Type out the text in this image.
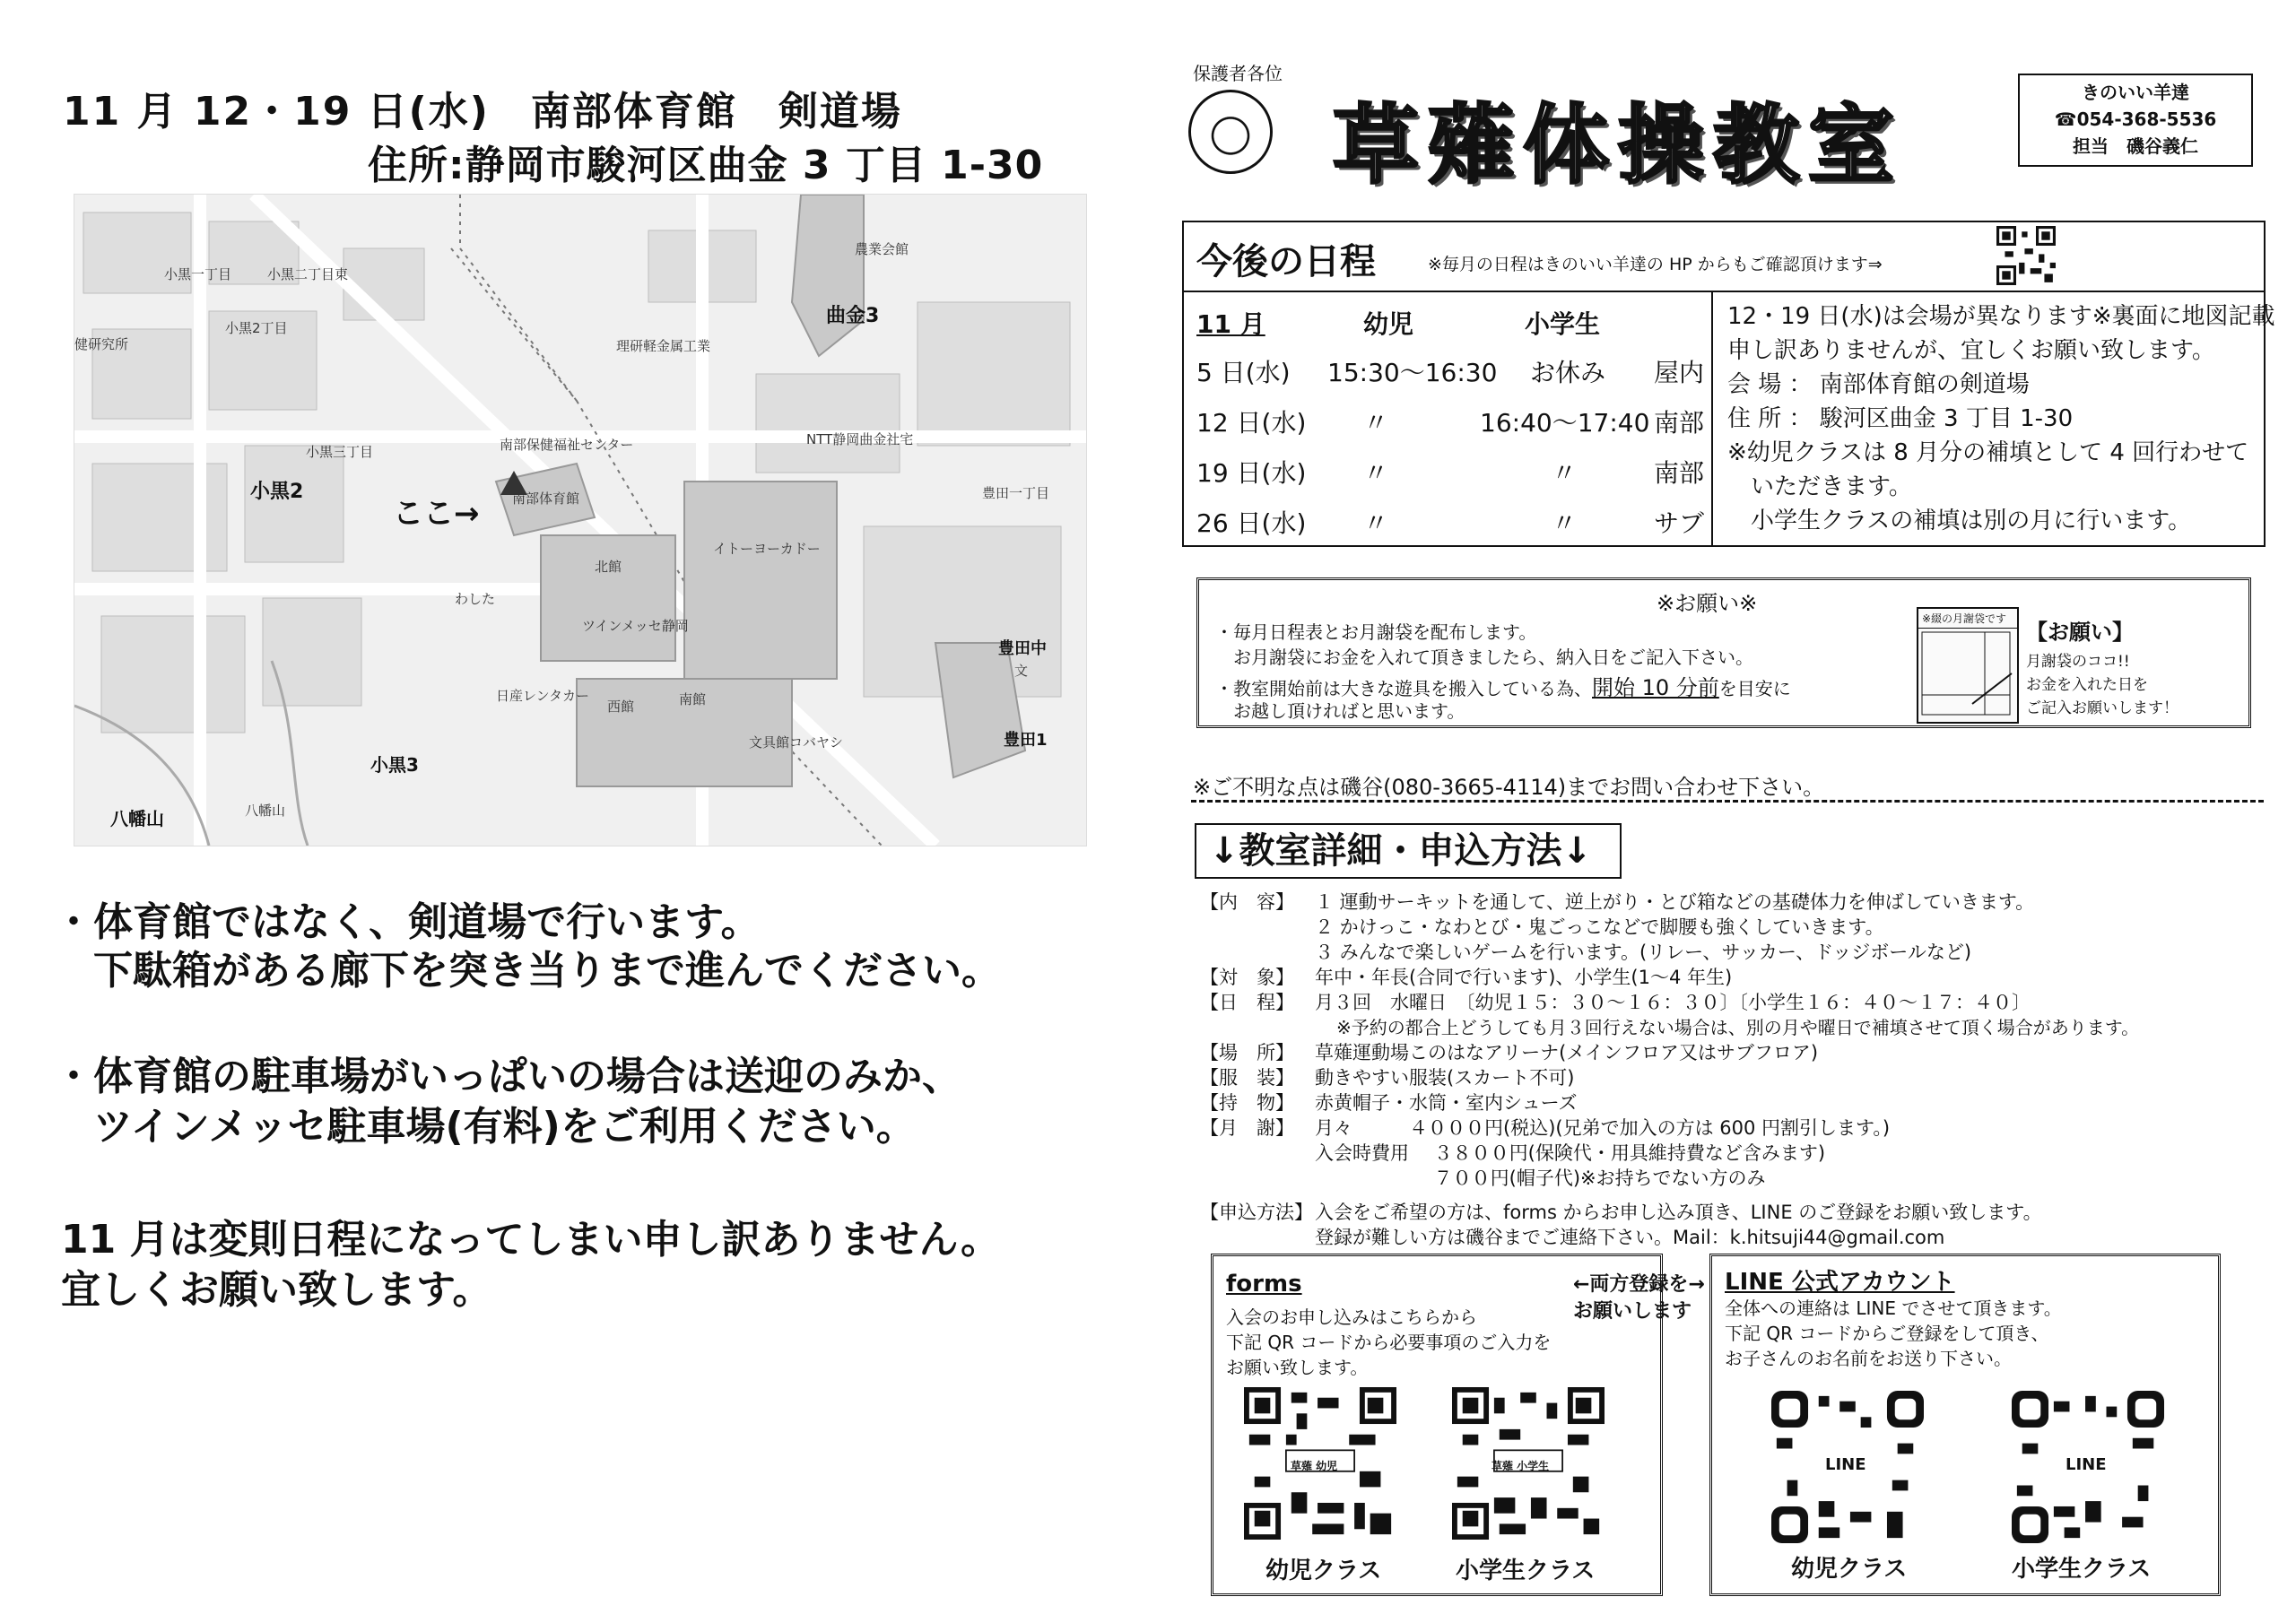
11 月 12・19 日(水)　南部体育館　剣道場
住所:静岡市駿河区曲金 3 丁目 1-30
小黒一丁目	小黒二丁目東
小黒2丁目
健研究所
小黒三丁目
小黒2
南部保健福祉センター
南部体育館
理研軽金属工業
農業会館
曲金3
NTT静岡曲金社宅
北館
南館
西館
ツインメッセ静岡
イトーヨーカドー
日産レンタカー
わした
文具館コバヤシ
豊田一丁目
豊田中
文
豊田1
小黒3
八幡山	八幡山
ここ→
・体育館ではなく、剣道場で行います。
　下駄箱がある廊下を突き当りまで進んでください。
・体育館の駐車場がいっぱいの場合は送迎のみか、
　ツインメッセ駐車場(有料)をご利用ください。
11 月は変則日程になってしまい申し訳ありません。
宜しくお願い致します。
保護者各位
草薙体操教室
きのいい羊達
☎054-368-5536
担当　磯谷義仁
今後の日程	※毎月の日程はきのいい羊達の HP からもご確認頂けます⇒
11 月	幼児	小学生
5 日(水) 15:30～16:30 お休み 屋内
12 日(水) 〃	16:40～17:40 南部
19 日(水) 〃	〃	南部
26 日(水) 〃	〃	サブ
12・19 日(水)は会場が異なります※裏面に地図記載
申し訳ありませんが、宜しくお願い致します。
会 場 ： 南部体育館の剣道場
住 所 ： 駿河区曲金 3 丁目 1-30
※幼児クラスは 8 月分の補填として 4 回行わせて
　いただきます。
　小学生クラスの補填は別の月に行います。
※お願い※
・毎月日程表とお月謝袋を配布します。
　お月謝袋にお金を入れて頂きましたら、納入日をご記入下さい。
・教室開始前は大きな遊具を搬入している為、開始 10 分前を目安に
　お越し頂ければと思います。
※綴の月謝袋です
【お願い】
月謝袋のココ!!
お金を入れた日を
ご記入お願いします！
※ご不明な点は磯谷(080-3665-4114)までお問い合わせ下さい。
↓教室詳細・申込方法↓
【内　容】 １ 運動サーキットを通して、逆上がり・とび箱などの基礎体力を伸ばしていきます。
２ かけっこ・なわとび・鬼ごっこなどで脚腰も強くしていきます。
３ みんなで楽しいゲームを行います。(リレー、サッカー、ドッジボールなど)
【対　象】 年中・年長(合同で行います)、小学生(1～4 年生)
【日　程】 月３回　水曜日　〔幼児１５：３０～１６：３０〕〔小学生１６：４０～１７：４０〕
※予約の都合上どうしても月３回行えない場合は、別の月や曜日で補填させて頂く場合があります。
【場　所】 草薙運動場このはなアリーナ(メインフロア又はサブフロア)
【服　装】 動きやすい服装(スカート不可)
【持　物】 赤黄帽子・水筒・室内シューズ
【月　謝】 月々　　　４０００円(税込)(兄弟で加入の方は 600 円割引します。)
入会時費用　 ３８００円(保険代・用具維持費など含みます)
　　　　　　 ７００円(帽子代)※お持ちでない方のみ
【申込方法】入会をご希望の方は、forms からお申し込み頂き、LINE のご登録をお願い致します。
登録が難しい方は磯谷までご連絡下さい。Mail：k.hitsuji44@gmail.com
forms
入会のお申し込みはこちらから
下記 QR コードから必要事項のご入力を
お願い致します。
草薙 幼児	草薙 小学生
幼児クラス	小学生クラス
←両方登録を→
お願いします
LINE 公式アカウント
全体への連絡は LINE でさせて頂きます。
下記 QR コードからご登録をして頂き、
お子さんのお名前をお送り下さい。
LINE	LINE
幼児クラス	小学生クラス
